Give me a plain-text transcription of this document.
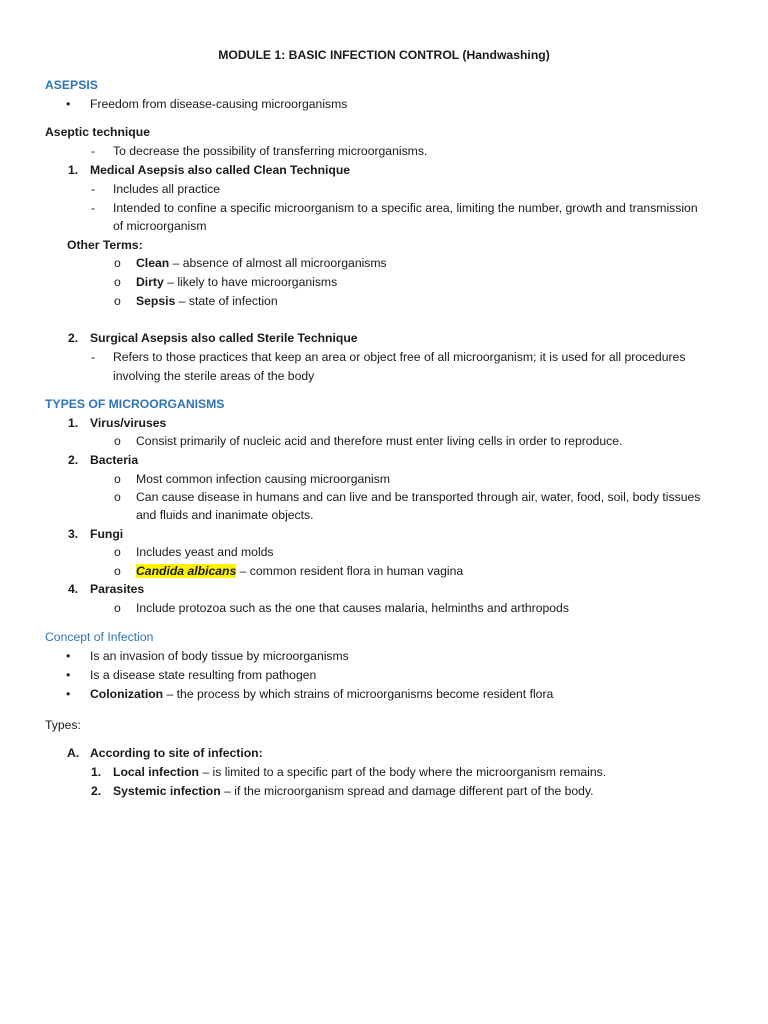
MODULE 1: BASIC INFECTION CONTROL (Handwashing)
ASEPSIS
• Freedom from disease-causing microorganisms
Aseptic technique
- To decrease the possibility of transferring microorganisms.
1. Medical Asepsis also called Clean Technique
- Includes all practice
- Intended to confine a specific microorganism to a specific area, limiting the number, growth and transmission
of microorganism
Other Terms:
o Clean – absence of almost all microorganisms
o Dirty – likely to have microorganisms
o Sepsis – state of infection
2. Surgical Asepsis also called Sterile Technique
- Refers to those practices that keep an area or object free of all microorganism; it is used for all procedures
involving the sterile areas of the body
TYPES OF MICROORGANISMS
1. Virus/viruses
o Consist primarily of nucleic acid and therefore must enter living cells in order to reproduce.
2. Bacteria
o Most common infection causing microorganism
o Can cause disease in humans and can live and be transported through air, water, food, soil, body tissues
and fluids and inanimate objects.
3. Fungi
o Includes yeast and molds
o Candida albicans – common resident flora in human vagina
4. Parasites
o Include protozoa such as the one that causes malaria, helminths and arthropods
Concept of Infection
• Is an invasion of body tissue by microorganisms
• Is a disease state resulting from pathogen
• Colonization – the process by which strains of microorganisms become resident flora
Types:
A. According to site of infection:
1. Local infection – is limited to a specific part of the body where the microorganism remains.
2. Systemic infection – if the microorganism spread and damage different part of the body.
